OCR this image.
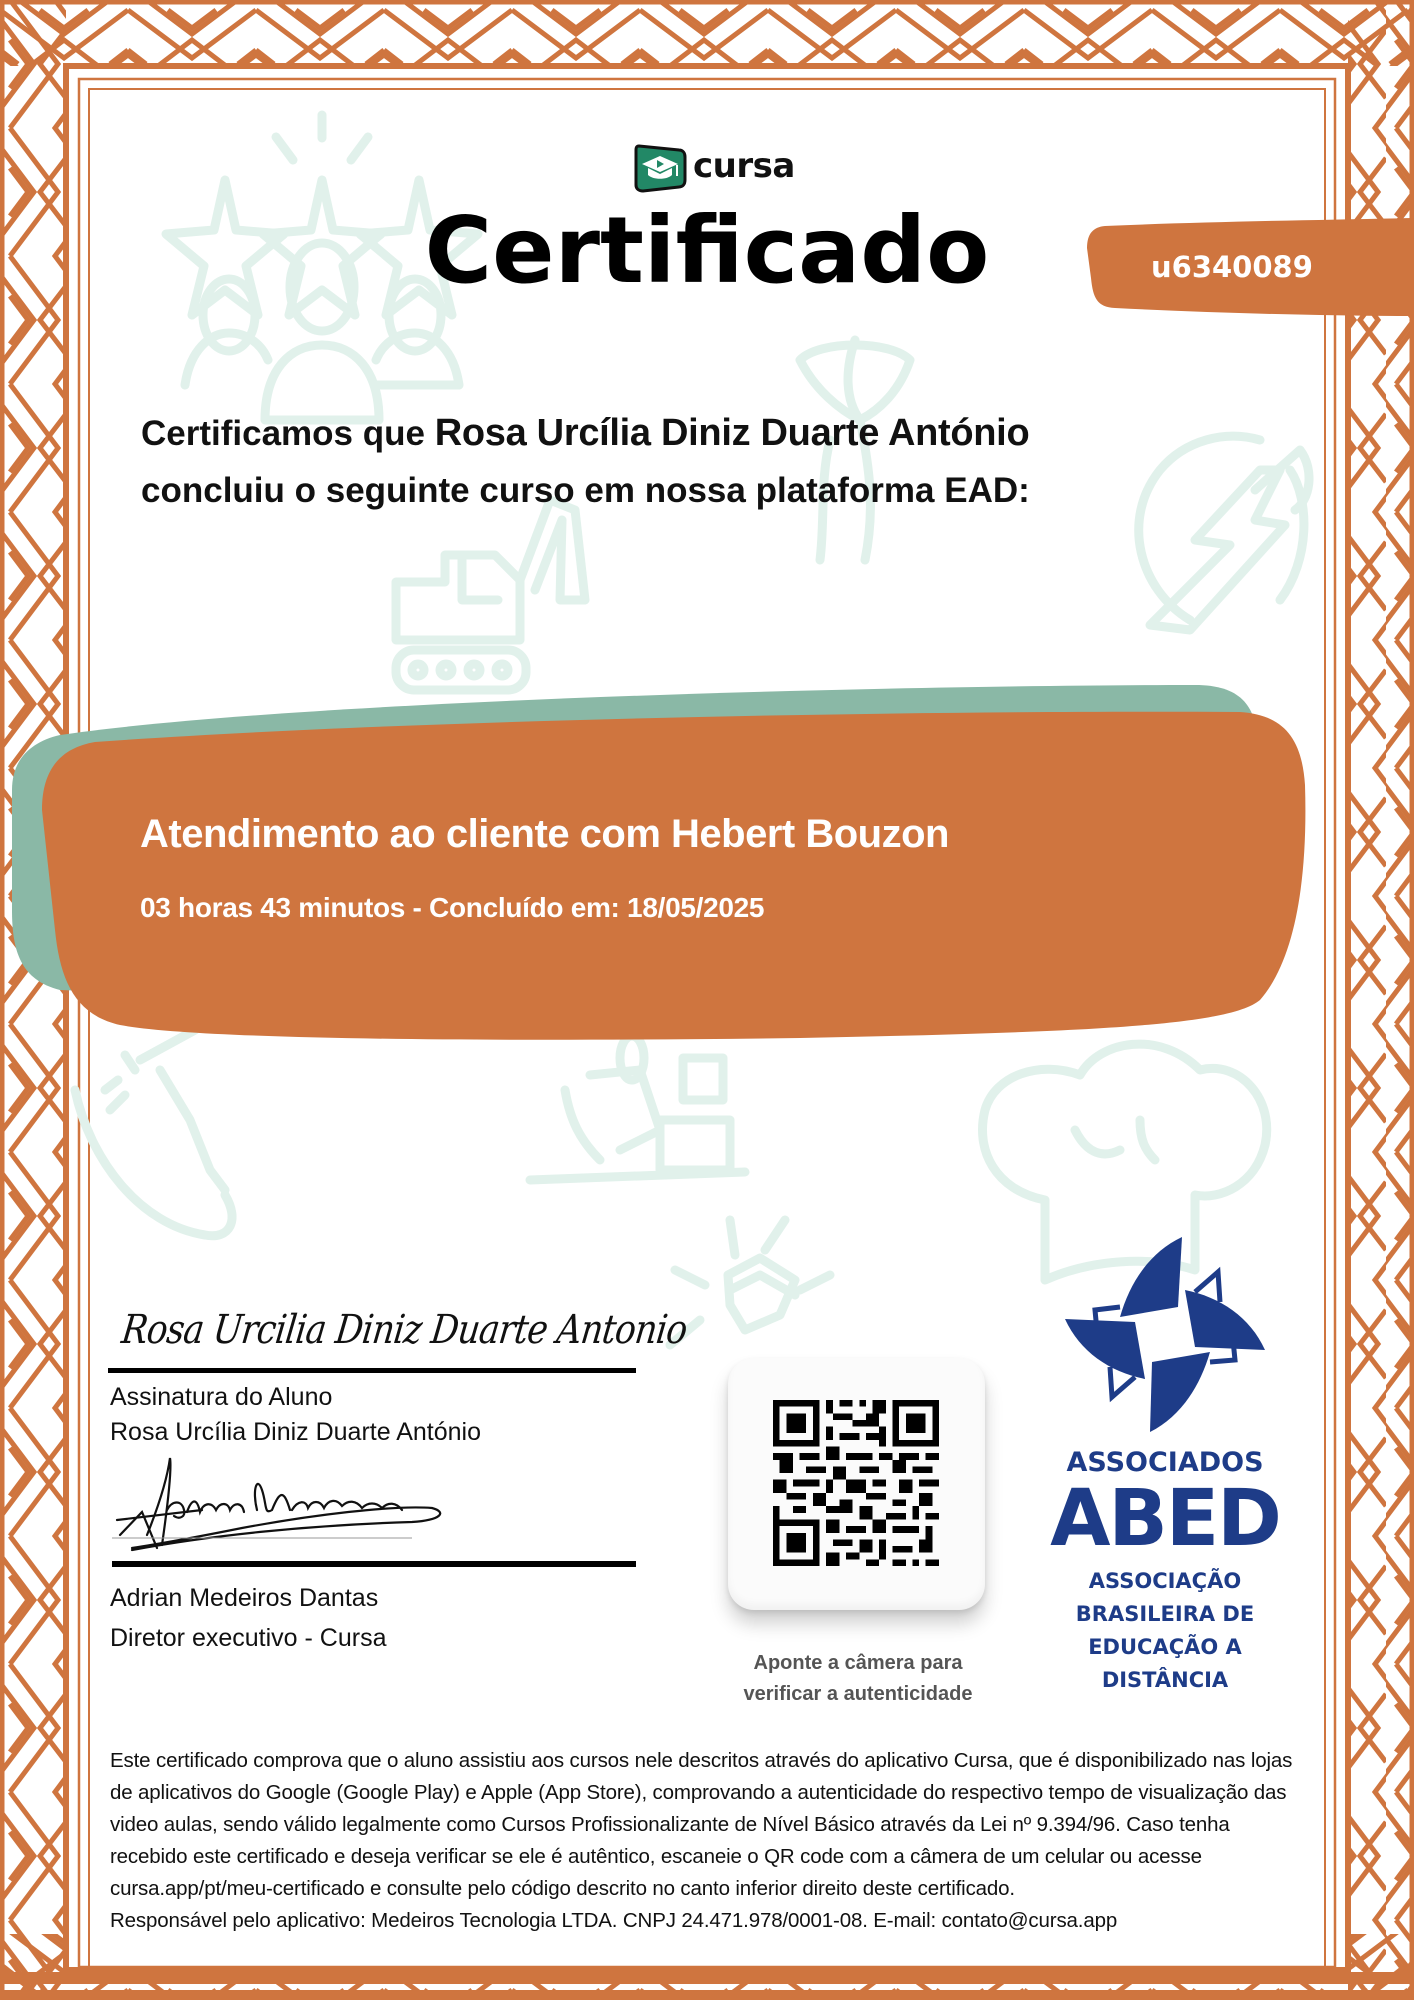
cursa
Certificado	u6340089
Certificamos que Rosa Urcília Diniz Duarte António
concluiu o seguinte curso em nossa plataforma EAD:
Atendimento ao cliente com Hebert Bouzon
03 horas 43 minutos - Concluído em: 18/05/2025
Rosa Urcilia Diniz Duarte Antonio
Assinatura do Aluno
Rosa Urcília Diniz Duarte António
Adrian Medeiros Dantas
Diretor executivo - Cursa
Aponte a câmera para
verificar a autenticidade
ASSOCIADOS
ABED
ASSOCIAÇÃO
BRASILEIRA DE
EDUCAÇÃO A
DISTÂNCIA
Este certificado comprova que o aluno assistiu aos cursos nele descritos através do aplicativo Cursa, que é disponibilizado nas lojas de aplicativos do Google (Google Play) e Apple (App Store), comprovando a autenticidade do respectivo tempo de visualização das video aulas, sendo válido legalmente como Cursos Profissionalizante de Nível Básico através da Lei nº 9.394/96. Caso tenha recebido este certificado e deseja verificar se ele é autêntico, escaneie o QR code com a câmera de um celular ou acesse cursa.app/pt/meu-certificado e consulte pelo código descrito no canto inferior direito deste certificado.
Responsável pelo aplicativo: Medeiros Tecnologia LTDA. CNPJ 24.471.978/0001-08. E-mail: contato@cursa.app
